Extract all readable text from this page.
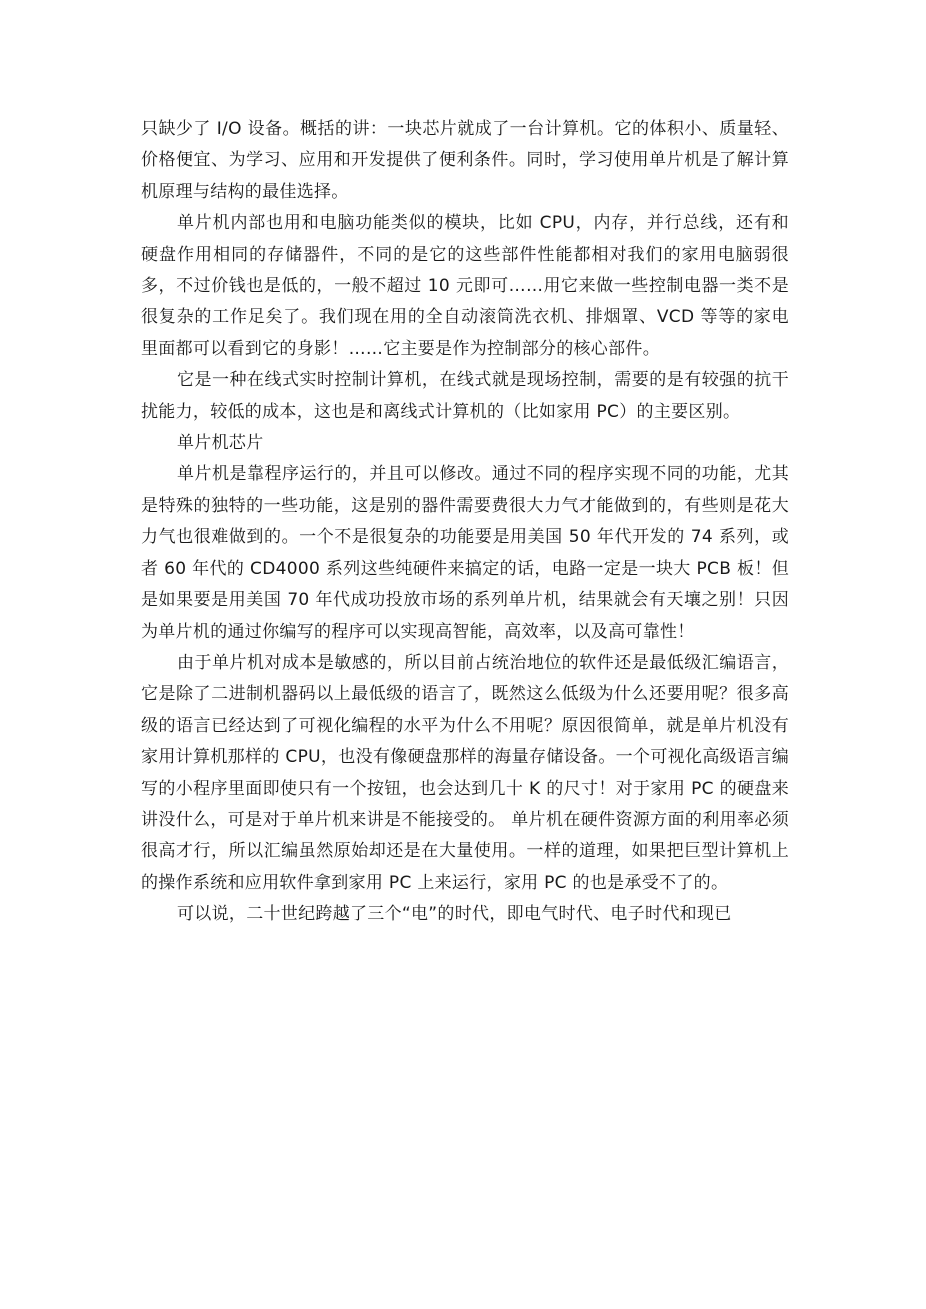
只缺少了 I/O 设备。概括的讲：一块芯片就成了一台计算机。它的体积小、质量轻、价格便宜、为学习、应用和开发提供了便利条件。同时，学习使用单片机是了解计算机原理与结构的最佳选择。

单片机内部也用和电脑功能类似的模块，比如 CPU，内存，并行总线，还有和硬盘作用相同的存储器件，不同的是它的这些部件性能都相对我们的家用电脑弱很多，不过价钱也是低的，一般不超过 10 元即可……用它来做一些控制电器一类不是很复杂的工作足矣了。我们现在用的全自动滚筒洗衣机、排烟罩、VCD 等等的家电里面都可以看到它的身影！……它主要是作为控制部分的核心部件。

它是一种在线式实时控制计算机，在线式就是现场控制，需要的是有较强的抗干扰能力，较低的成本，这也是和离线式计算机的（比如家用 PC）的主要区别。

单片机芯片

单片机是靠程序运行的，并且可以修改。通过不同的程序实现不同的功能，尤其是特殊的独特的一些功能，这是别的器件需要费很大力气才能做到的，有些则是花大力气也很难做到的。一个不是很复杂的功能要是用美国 50 年代开发的 74 系列，或者 60 年代的 CD4000 系列这些纯硬件来搞定的话，电路一定是一块大 PCB 板！但是如果要是用美国 70 年代成功投放市场的系列单片机，结果就会有天壤之别！只因为单片机的通过你编写的程序可以实现高智能，高效率，以及高可靠性！

由于单片机对成本是敏感的，所以目前占统治地位的软件还是最低级汇编语言，它是除了二进制机器码以上最低级的语言了，既然这么低级为什么还要用呢？很多高级的语言已经达到了可视化编程的水平为什么不用呢？原因很简单，就是单片机没有家用计算机那样的 CPU，也没有像硬盘那样的海量存储设备。一个可视化高级语言编写的小程序里面即使只有一个按钮，也会达到几十 K 的尺寸！对于家用 PC 的硬盘来讲没什么，可是对于单片机来讲是不能接受的。 单片机在硬件资源方面的利用率必须很高才行，所以汇编虽然原始却还是在大量使用。一样的道理，如果把巨型计算机上的操作系统和应用软件拿到家用 PC 上来运行，家用 PC 的也是承受不了的。

可以说，二十世纪跨越了三个“电”的时代，即电气时代、电子时代和现已
